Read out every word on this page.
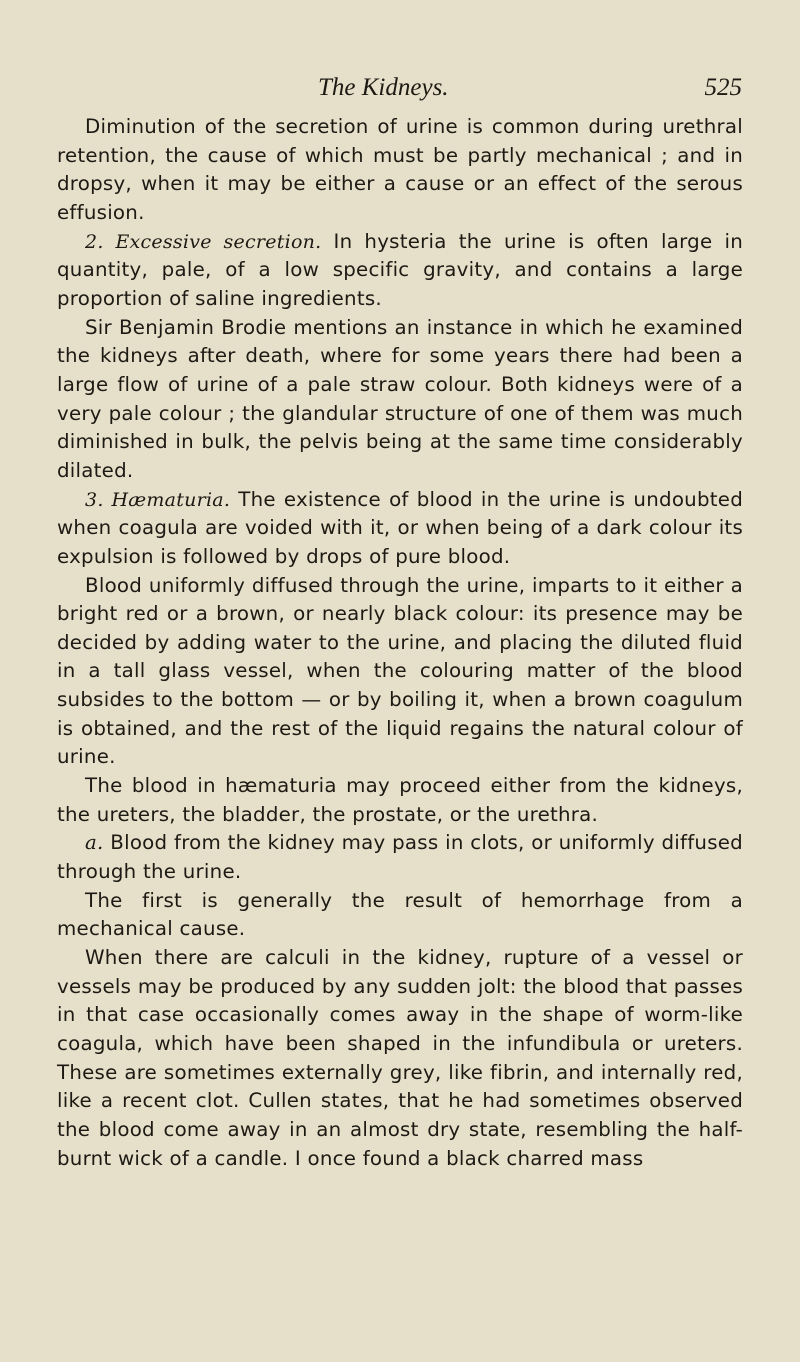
The Kidneys.	525

Diminution of the secretion of urine is common during urethral retention, the cause of which must be partly mechanical ; and in dropsy, when it may be either a cause or an effect of the serous effusion.

2. Excessive secretion. In hysteria the urine is often large in quantity, pale, of a low specific gravity, and contains a large proportion of saline ingredients.

Sir Benjamin Brodie mentions an instance in which he examined the kidneys after death, where for some years there had been a large flow of urine of a pale straw colour. Both kidneys were of a very pale colour ; the glandular structure of one of them was much diminished in bulk, the pelvis being at the same time considerably dilated.

3. Hæmaturia. The existence of blood in the urine is undoubted when coagula are voided with it, or when being of a dark colour its expulsion is followed by drops of pure blood.

Blood uniformly diffused through the urine, imparts to it either a bright red or a brown, or nearly black colour: its presence may be decided by adding water to the urine, and placing the diluted fluid in a tall glass vessel, when the colouring matter of the blood subsides to the bottom — or by boiling it, when a brown coagulum is obtained, and the rest of the liquid regains the natural colour of urine.

The blood in hæmaturia may proceed either from the kidneys, the ureters, the bladder, the prostate, or the urethra.

a. Blood from the kidney may pass in clots, or uniformly diffused through the urine.

The first is generally the result of hemorrhage from a mechanical cause.

When there are calculi in the kidney, rupture of a vessel or vessels may be produced by any sudden jolt: the blood that passes in that case occasionally comes away in the shape of worm-like coagula, which have been shaped in the infundibula or ureters. These are sometimes externally grey, like fibrin, and internally red, like a recent clot. Cullen states, that he had sometimes observed the blood come away in an almost dry state, resembling the half-burnt wick of a candle. I once found a black charred mass
